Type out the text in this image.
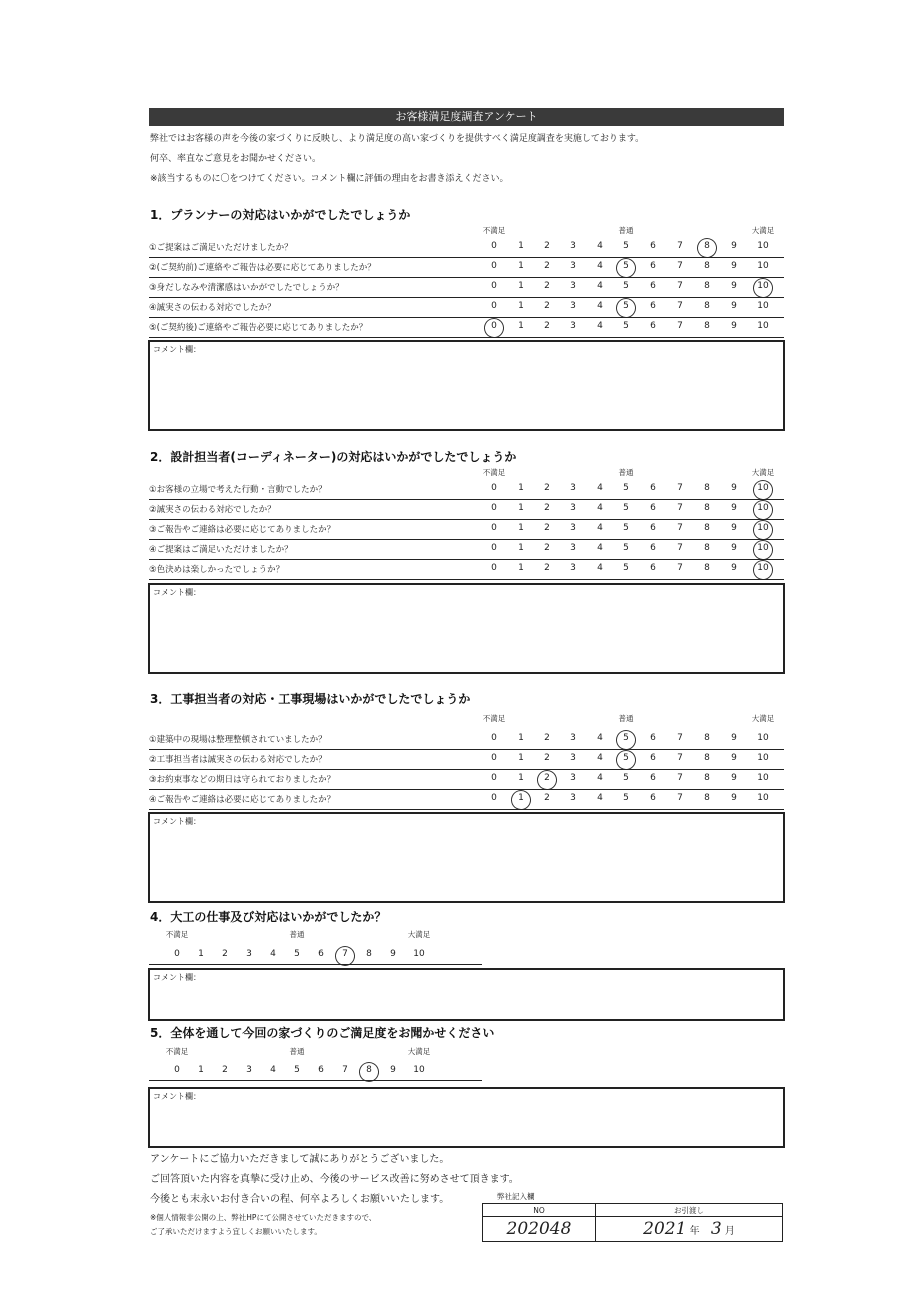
お客様満足度調査アンケート
弊社ではお客様の声を今後の家づくりに反映し、より満足度の高い家づくりを提供すべく満足度調査を実施しております。
何卒、率直なご意見をお聞かせください。
※該当するものに〇をつけてください。コメント欄に評価の理由をお書き添えください。
1．プランナーの対応はいかがでしたでしょうか
不満足	普通	大満足
①ご提案はご満足いただけましたか？	0 1 2 3 4 5 6 7 8 9 10
②(ご契約前)ご連絡やご報告は必要に応じてありましたか？	0 1 2 3 4 5 6 7 8 9 10
③身だしなみや清潔感はいかがでしたでしょうか？	0 1 2 3 4 5 6 7 8 9 10
④誠実さの伝わる対応でしたか？	0 1 2 3 4 5 6 7 8 9 10
⑤(ご契約後)ご連絡やご報告必要に応じてありましたか？	0 1 2 3 4 5 6 7 8 9 10
コメント欄：
2．設計担当者(コーディネーター)の対応はいかがでしたでしょうか
不満足	普通	大満足
①お客様の立場で考えた行動・言動でしたか？	0 1 2 3 4 5 6 7 8 9 10
②誠実さの伝わる対応でしたか？	0 1 2 3 4 5 6 7 8 9 10
③ご報告やご連絡は必要に応じてありましたか？	0 1 2 3 4 5 6 7 8 9 10
④ご提案はご満足いただけましたか？	0 1 2 3 4 5 6 7 8 9 10
⑤色決めは楽しかったでしょうか？	0 1 2 3 4 5 6 7 8 9 10
コメント欄：
3．工事担当者の対応・工事現場はいかがでしたでしょうか
不満足	普通	大満足
①建築中の現場は整理整頓されていましたか？	0 1 2 3 4 5 6 7 8 9 10
②工事担当者は誠実さの伝わる対応でしたか？	0 1 2 3 4 5 6 7 8 9 10
③お約束事などの期日は守られておりましたか？	0 1 2 3 4 5 6 7 8 9 10
④ご報告やご連絡は必要に応じてありましたか？	0 1 2 3 4 5 6 7 8 9 10
コメント欄：
4．大工の仕事及び対応はいかがでしたか？
不満足	普通	大満足
0 1 2 3 4 5 6 7 8 9 10
コメント欄：
5．全体を通して今回の家づくりのご満足度をお聞かせください
不満足	普通	大満足
0 1 2 3 4 5 6 7 8 9 10
コメント欄：
アンケートにご協力いただきまして誠にありがとうございました。
ご回答頂いた内容を真摯に受け止め、今後のサービス改善に努めさせて頂きます。
今後とも末永いお付き合いの程、何卒よろしくお願いいたします。
※個人情報非公開の上、弊社HPにて公開させていただきますので、
ご了承いただけますよう宜しくお願いいたします。
弊社記入欄
NO	お引渡し
202048	2021 年 3 月
